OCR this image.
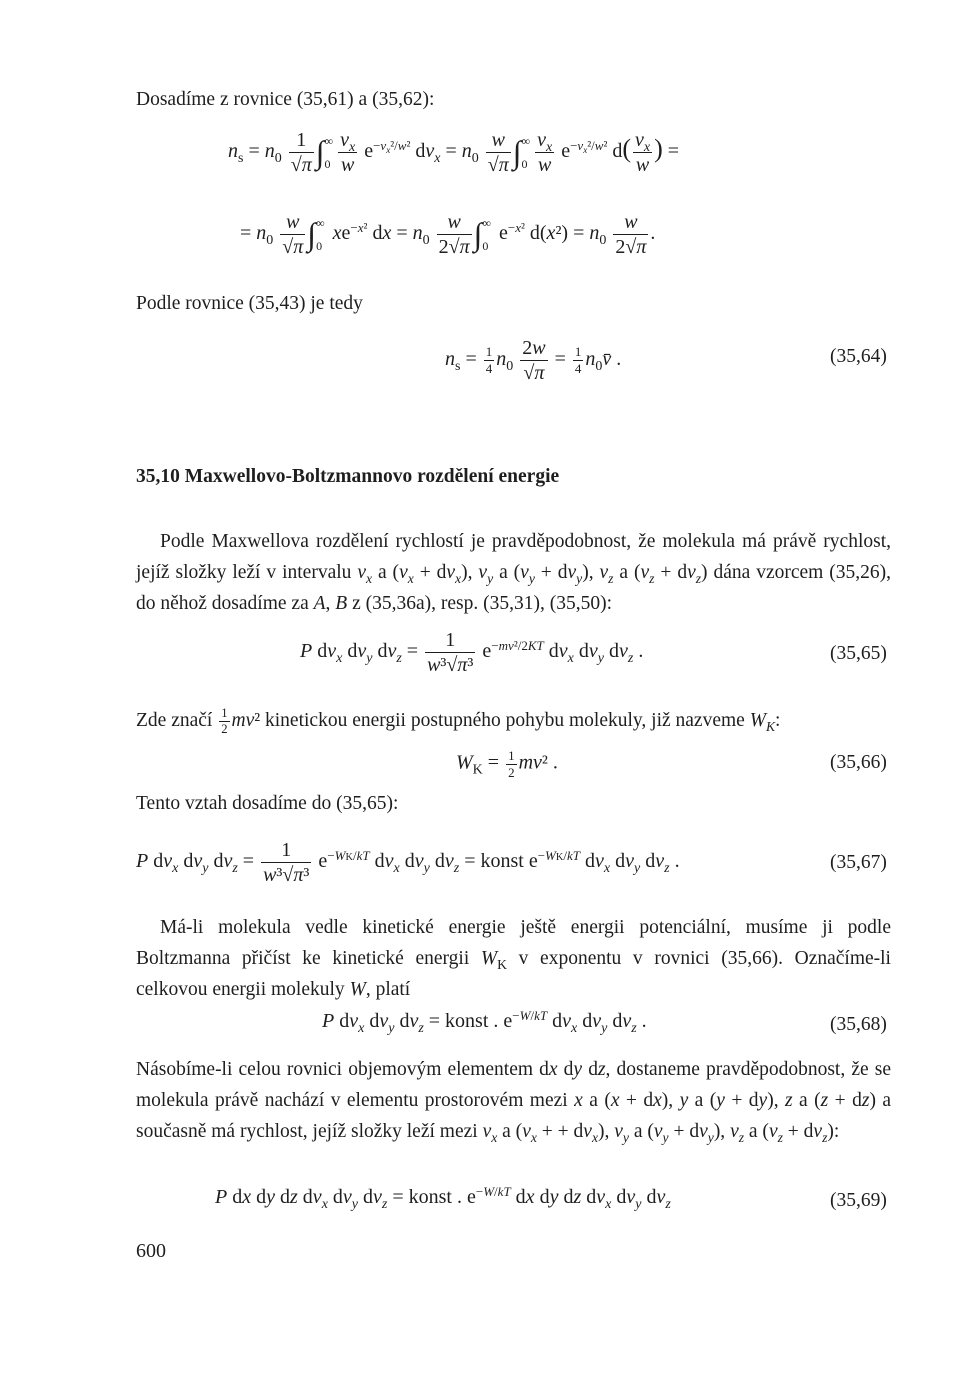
Dosadíme z rovnice (35,61) a (35,62):

$n_s = n_0 \frac{1}{√\pi}$ ∫∞
$0 \frac{v_x}{w} e^{-v_x^2/w^2}$ $dv_x = n_0 \frac{w}{√\pi}$ ∫∞
$0 \frac{v_x}{w} e^{-v_x^2/w^2}$ $d( \frac{v_x}{w}$ ) =
= $n_0 \frac{w}{√\pi}$ ∫∞
0 $xe^{-x^2}$ dx = $n_0 \frac{w}{2√\pi}$ ∫∞
0 $e^{-x^2}$ $d(x^2) = n_0 \frac{w}{2√\pi}$ .

Podle rovnice (35,43) je tedy

$n_s = \frac{1}{4} n_0 \frac{2w}{√\pi} = \frac{1}{4}$ $n_0v̄$ .	(35,64)
35,10 Maxwellovo-Boltzmannovo rozdělení energie

Podle Maxwellova rozdělení rychlostí je pravděpodobnost, že molekula má právě rychlost, jejíž složky leží v intervalu $v_x$ a $(v_x + dv_x)$, $v_y$ a $(v_y + dv_y)$, $v_z$ a $(v_z + dv_z)$ dána vzorcem (35,26), do něhož dosadíme za A, B z (35,36a), resp. (35,31), (35,50):

P $dv_x$ $dv_y$ $dv_z = \frac{1}{\text{w³√π³}} e^{-mv^2/2KT}$ $dv_x$ $dv_y$ $dv_z$ .	(35,65)

Zde značí $\frac{1}{2} mv^2$ kinetickou energii postupného pohybu molekuly, již nazveme $W_K$:

$W_K = \frac{1}{2} mv^2$ .	(35,66)

Tento vztah dosadíme do (35,65):

P $dv_x$ $dv_y$ $dv_z = \frac{1}{\text{w³√π³}} e^{-WK/kT}$ $dv_x$ $dv_y$ $dv_z$ = konst $e^{-WK/kT}$ $dv_x$ $dv_y$ $dv_z$ .	(35,67)

Má-li molekula vedle kinetické energie ještě energii potenciální, musíme ji podle Boltzmanna přičíst ke kinetické energii $W_K$ v exponentu v rovnici (35,66). Označíme-li celkovou energii molekuly W, platí

P $dv_x$ $dv_y$ $dv_z$ = konst . $e^{-W/kT}$ $dv_x$ $dv_y$ $dv_z$ .	(35,68)

Násobíme-li celou rovnici objemovým elementem dx dy dz, dostaneme pravděpodobnost, že se molekula právě nachází v elementu prostorovém mezi x a (x + dx), y a (y + dy), z a (z + dz) a současně má rychlost, jejíž složky leží mezi $v_x$ a ($v_x$ + + $dv_x$), $v_y$ a $(v_y + dv_y)$, $v_z$ a $(v_z + dv_z)$:

P dx dy dz $dv_x$ $dv_y$ $dv_z$ = konst . $e^{-W/kT}$ dx dy dz $dv_x$ $dv_y$ $dv_z$	(35,69)
600
